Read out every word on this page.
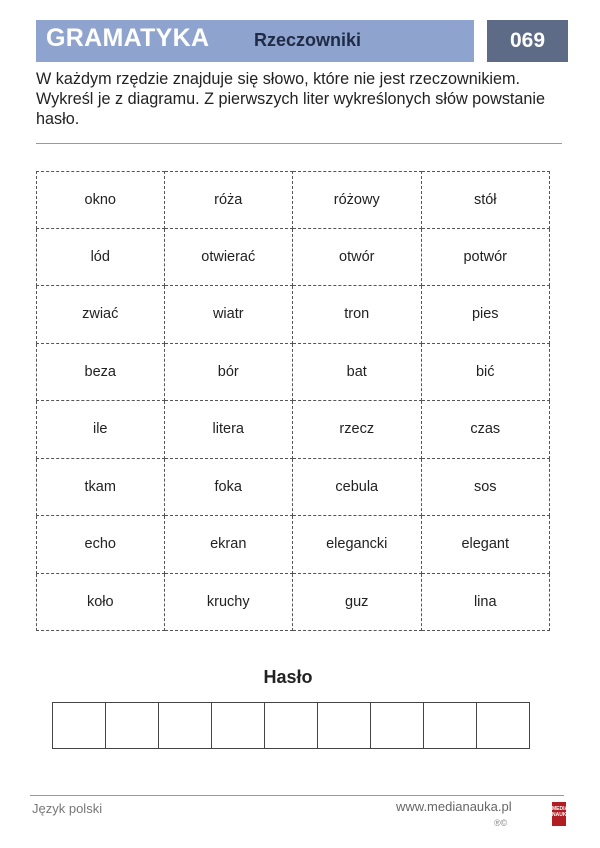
GRAMATYKA Rzeczowniki	069
W każdym rzędzie znajduje się słowo, które nie jest rzeczownikiem. Wykreśl je z diagramu. Z pierwszych liter wykreślonych słów powstanie hasło.
okno	róża	różowy	stół
lód	otwierać	otwór	potwór
zwiać	wiatr	tron	pies
beza	bór	bat	bić
ile	litera	rzecz	czas
tkam	foka	cebula	sos
echo	ekran	elegancki	elegant
koło	kruchy	guz	lina
Hasło
Język polski	www.medianauka.pl
®©
MEDIA NAUKA
